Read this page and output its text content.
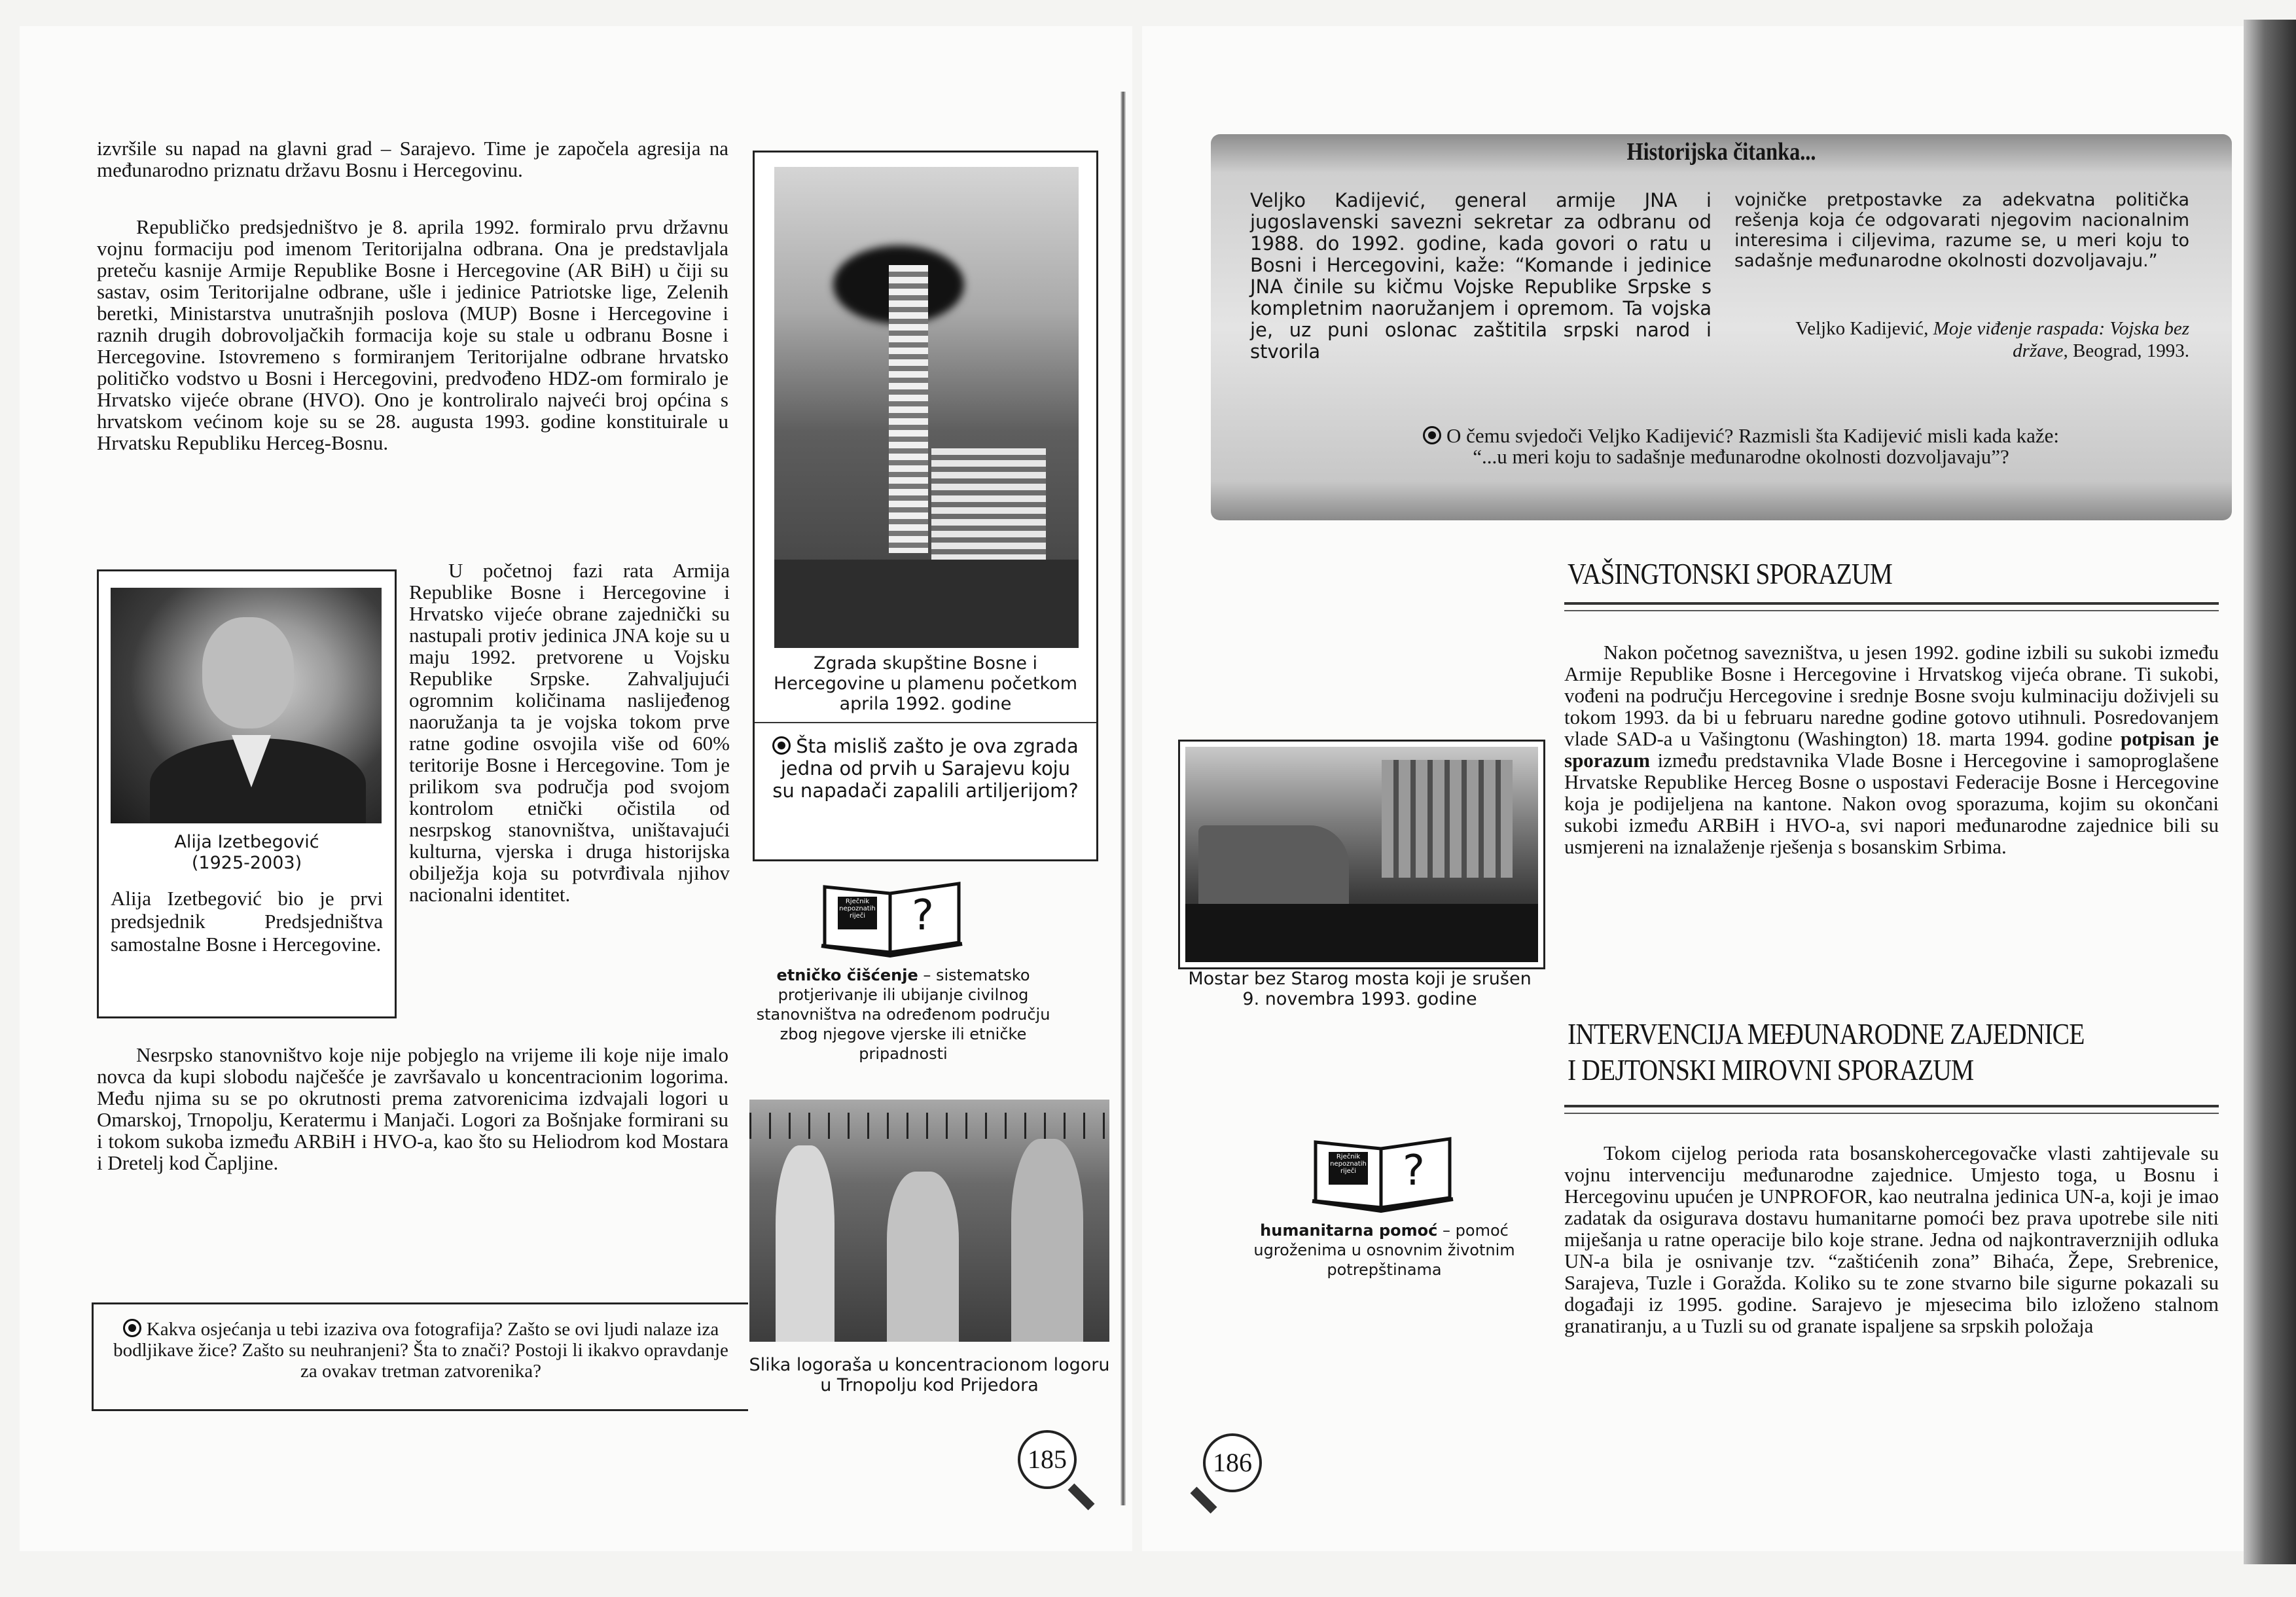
izvršile su napad na glavni grad – Sarajevo. Time je započela agresija na međunarodno priznatu državu Bosnu i Hercegovinu.

Republičko predsjedništvo je 8. aprila 1992. formiralo prvu državnu vojnu formaciju pod imenom Teritorijalna odbrana. Ona je predstavljala preteču kasnije Armije Republike Bosne i Hercegovine (AR BiH) u čiji su sastav, osim Teritorijalne odbrane, ušle i jedinice Patriotske lige, Zelenih beretki, Ministarstva unutrašnjih poslova (MUP) Bosne i Hercegovine i raznih drugih dobrovoljačkih formacija koje su stale u odbranu Bosne i Hercegovine. Istovremeno s formiranjem Teritorijalne odbrane hrvatsko političko vodstvo u Bosni i Hercegovini, predvođeno HDZ-om formiralo je Hrvatsko vijeće obrane (HVO). Ono je kontroliralo najveći broj općina s hrvatskom većinom koje su se 28. augusta 1993. godine konstituirale u Hrvatsku Republiku Herceg-Bosnu.

Alija Izetbegović
(1925-2003)

Alija Izetbegović bio je prvi predsjednik Predsjedništva samostalne Bosne i Hercegovine.

U početnoj fazi rata Armija Republike Bosne i Hercegovine i Hrvatsko vijeće obrane zajednički su nastupali protiv jedinica JNA koje su u maju 1992. pretvorene u Vojsku Republike Srpske. Zahvaljujući ogromnim količinama naslijeđenog naoružanja ta je vojska tokom prve ratne godine osvojila više od 60% teritorije Bosne i Hercegovine. Tom je prilikom sva područja pod svojom kontrolom etnički očistila od nesrpskog stanovništva, uništavajući kulturna, vjerska i druga historijska obilježja koja su potvrđivala njihov nacionalni identitet.

Zgrada skupštine Bosne i Hercegovine u plamenu početkom aprila 1992. godine
Šta misliš zašto je ova zgrada jedna od prvih u Sarajevu koju su napadači zapalili artiljerijom?
?
Rječnik nepoznatih riječi
etničko čišćenje – sistematsko protjerivanje ili ubijanje civilnog stanovništva na određenom području zbog njegove vjerske ili etničke pripadnosti

Nesrpsko stanovništvo koje nije pobjeglo na vrijeme ili koje nije imalo novca da kupi slobodu najčešće je završavalo u koncentracionim logorima. Među njima su se po okrutnosti prema zatvorenicima izdvajali logori u Omarskoj, Trnopolju, Keratermu i Manjači. Logori za Bošnjake formirani su i tokom sukoba između ARBiH i HVO-a, kao što su Heliodrom kod Mostara i Dretelj kod Čapljine.

Slika logoraša u koncentracionom logoru u Trnopolju kod Prijedora
Kakva osjećanja u tebi izaziva ova fotografija? Zašto se ovi ljudi nalaze iza bodljikave žice? Zašto su neuhranjeni? Šta to znači? Postoji li ikakvo opravdanje za ovakav tretman zatvorenika?
185
Historijska čitanka...

Veljko Kadijević, general armije JNA i jugoslavenski savezni sekretar za odbranu od 1988. do 1992. godine, kada govori o ratu u Bosni i Hercegovini, kaže: “Komande i jedinice JNA činile su kičmu Vojske Republike Srpske s kompletnim naoružanjem i opremom. Ta vojska je, uz puni oslonac zaštitila srpski narod i stvorila

vojničke pretpostavke za adekvatna politička rešenja koja će odgovarati njegovim nacionalnim interesima i ciljevima, razume se, u meri koju to sadašnje međunarodne okolnosti dozvoljavaju.”

Veljko Kadijević, Moje viđenje raspada: Vojska bez države, Beograd, 1993.
O čemu svjedoči Veljko Kadijević? Razmisli šta Kadijević misli kada kaže:
“...u meri koju to sadašnje međunarodne okolnosti dozvoljavaju”?
VAŠINGTONSKI SPORAZUM

Nakon početnog savezništva, u jesen 1992. godine izbili su sukobi između Armije Republike Bosne i Hercegovine i Hrvatskog vijeća obrane. Ti sukobi, vođeni na području Hercegovine i srednje Bosne svoju kulminaciju doživjeli su tokom 1993. da bi u februaru naredne godine gotovo utihnuli. Posredovanjem vlade SAD-a u Vašingtonu (Washington) 18. marta 1994. godine potpisan je sporazum između predstavnika Vlade Bosne i Hercegovine i samoproglašene Hrvatske Republike Herceg Bosne o uspostavi Federacije Bosne i Hercegovine koja je podijeljena na kantone. Nakon ovog sporazuma, kojim su okončani sukobi između ARBiH i HVO-a, svi napori međunarodne zajednice bili su usmjereni na iznalaženje rješenja s bosanskim Srbima.

Mostar bez Starog mosta koji je srušen 9. novembra 1993. godine
INTERVENCIJA MEĐUNARODNE ZAJEDNICE
I DEJTONSKI MIROVNI SPORAZUM

Tokom cijelog perioda rata bosanskohercegovačke vlasti zahtijevale su vojnu intervenciju međunarodne zajednice. Umjesto toga, u Bosnu i Hercegovinu upućen je UNPROFOR, kao neutralna jedinica UN-a, koji je imao zadatak da osigurava dostavu humanitarne pomoći bez prava upotrebe sile niti miješanja u ratne operacije bilo koje strane. Jedna od najkontraverznijih odluka UN-a bila je osnivanje tzv. “zaštićenih zona” Bihaća, Žepe, Srebrenice, Sarajeva, Tuzle i Goražda. Koliko su te zone stvarno bile sigurne pokazali su događaji iz 1995. godine. Sarajevo je mjesecima bilo izloženo stalnom granatiranju, a u Tuzli su od granate ispaljene sa srpskih položaja

?
Rječnik nepoznatih riječi
humanitarna pomoć – pomoć ugroženima u osnovnim životnim potrepštinama
186
